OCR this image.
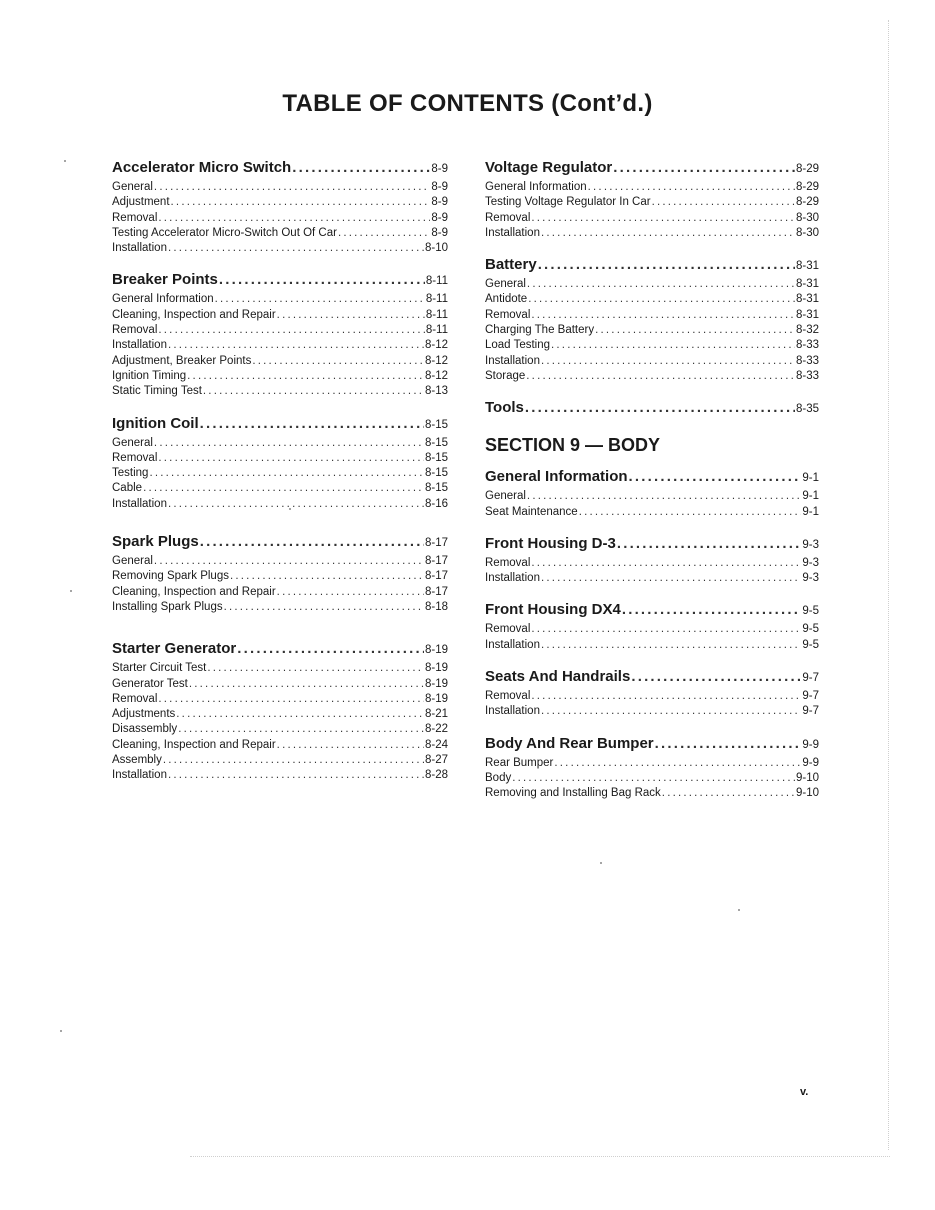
TABLE OF CONTENTS (Cont’d.)
Accelerator Micro Switch .....	8-9
General .....	8-9
Adjustment .....	8-9
Removal .....	8-9
Testing Accelerator Micro-Switch Out Of Car .....	8-9
Installation .....	8-10
Breaker Points .....	8-11
General Information .....	8-11
Cleaning, Inspection and Repair .....	8-11
Removal .....	8-11
Installation .....	8-12
Adjustment, Breaker Points .....	8-12
Ignition Timing .....	8-12
Static Timing Test .....	8-13
Ignition Coil .....	8-15
General .....	8-15
Removal .....	8-15
Testing .....	8-15
Cable .....	8-15
Installation .....	8-16
Spark Plugs .....	8-17
General .....	8-17
Removing Spark Plugs .....	8-17
Cleaning, Inspection and Repair .....	8-17
Installing Spark Plugs .....	8-18
Starter Generator .....	8-19
Starter Circuit Test .....	8-19
Generator Test .....	8-19
Removal .....	8-19
Adjustments .....	8-21
Disassembly .....	8-22
Cleaning, Inspection and Repair .....	8-24
Assembly .....	8-27
Installation .....	8-28
Voltage Regulator .....	8-29
General Information .....	8-29
Testing Voltage Regulator In Car .....	8-29
Removal .....	8-30
Installation .....	8-30
Battery .....	8-31
General .....	8-31
Antidote .....	8-31
Removal .....	8-31
Charging The Battery .....	8-32
Load Testing .....	8-33
Installation .....	8-33
Storage .....	8-33
Tools .....	8-35
SECTION 9 — BODY
General Information .....	9-1
General .....	9-1
Seat Maintenance .....	9-1
Front Housing D-3 .....	9-3
Removal .....	9-3
Installation .....	9-3
Front Housing DX4 .....	9-5
Removal .....	9-5
Installation .....	9-5
Seats And Handrails .....	9-7
Removal .....	9-7
Installation .....	9-7
Body And Rear Bumper .....	9-9
Rear Bumper .....	9-9
Body .....	9-10
Removing and Installing Bag Rack .....	9-10
v.
